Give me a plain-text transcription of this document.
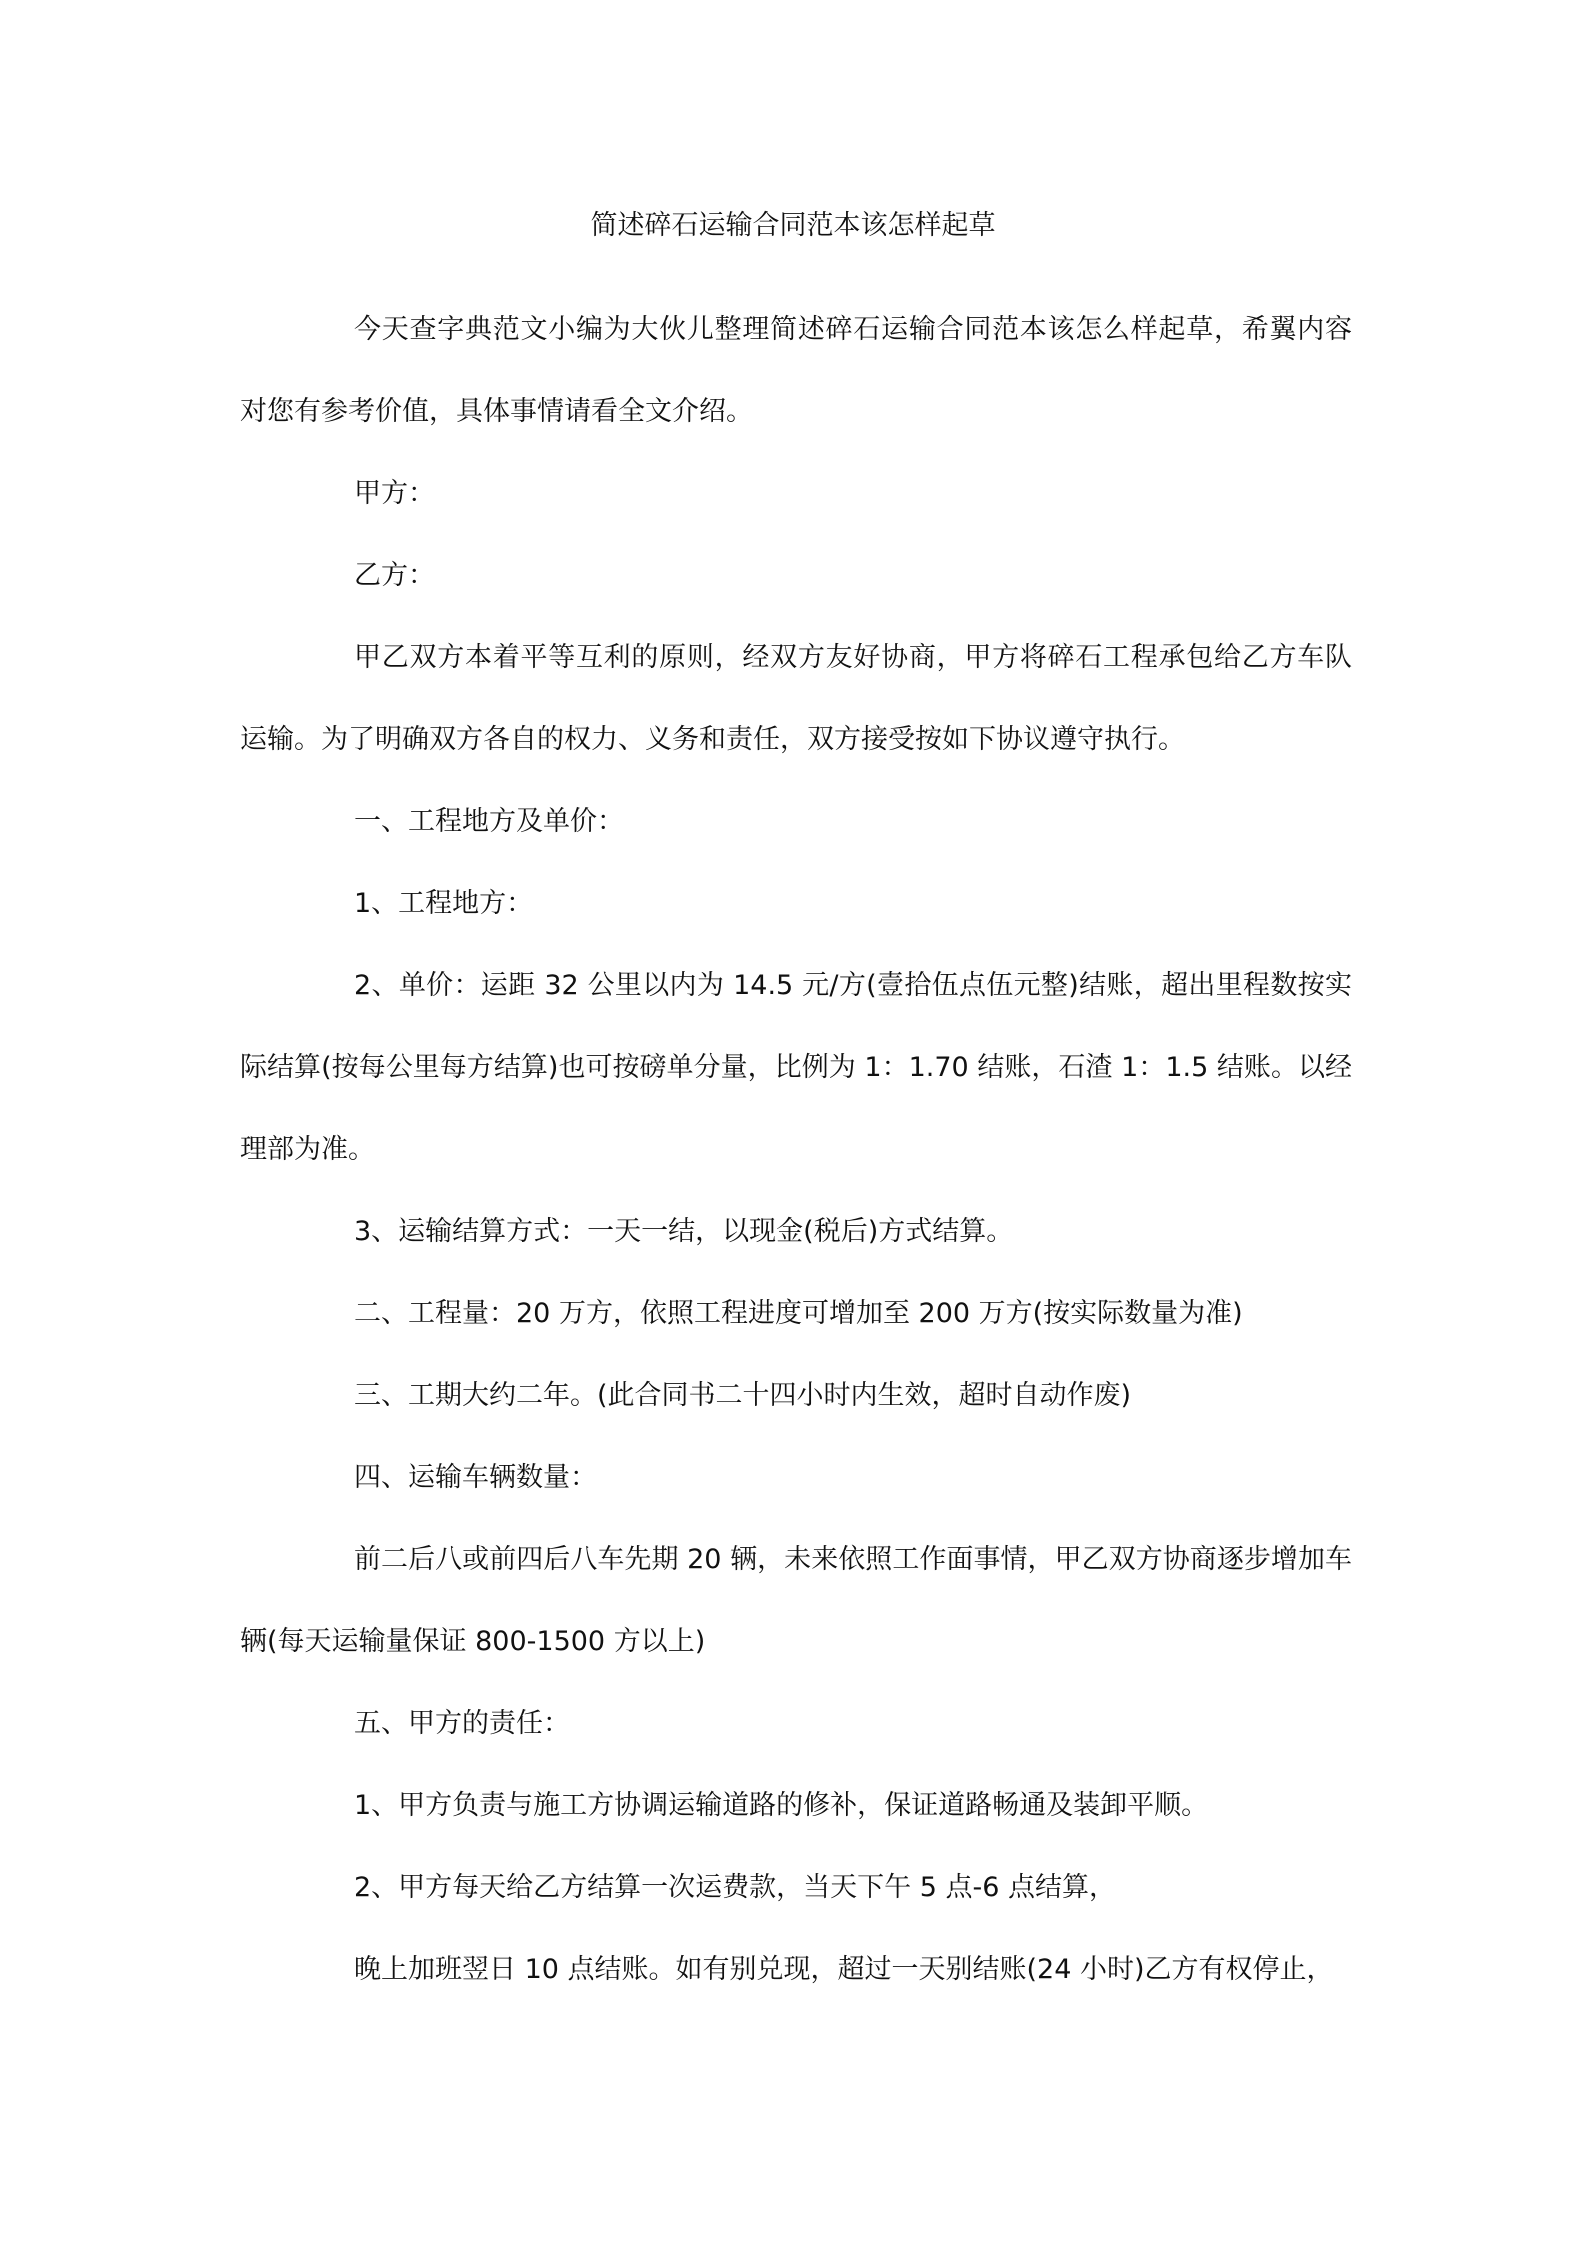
简述碎石运输合同范本该怎样起草

今天查字典范文小编为大伙儿整理简述碎石运输合同范本该怎么样起草，希翼内容对您有参考价值，具体事情请看全文介绍。

甲方：

乙方：

甲乙双方本着平等互利的原则，经双方友好协商，甲方将碎石工程承包给乙方车队运输。为了明确双方各自的权力、义务和责任，双方接受按如下协议遵守执行。

一、工程地方及单价：

1、工程地方：

2、单价：运距 32 公里以内为 14.5 元/方(壹拾伍点伍元整)结账，超出里程数按实际结算(按每公里每方结算)也可按磅单分量，比例为 1：1.70 结账，石渣 1：1.5 结账。以经理部为准。

3、运输结算方式：一天一结，以现金(税后)方式结算。

二、工程量：20 万方，依照工程进度可增加至 200 万方(按实际数量为准)

三、工期大约二年。(此合同书二十四小时内生效，超时自动作废)

四、运输车辆数量：

前二后八或前四后八车先期 20 辆，未来依照工作面事情，甲乙双方协商逐步增加车辆(每天运输量保证 800-1500 方以上)

五、甲方的责任：

1、甲方负责与施工方协调运输道路的修补，保证道路畅通及装卸平顺。

2、甲方每天给乙方结算一次运费款，当天下午 5 点-6 点结算，

晚上加班翌日 10 点结账。如有别兑现，超过一天别结账(24 小时)乙方有权停止，
